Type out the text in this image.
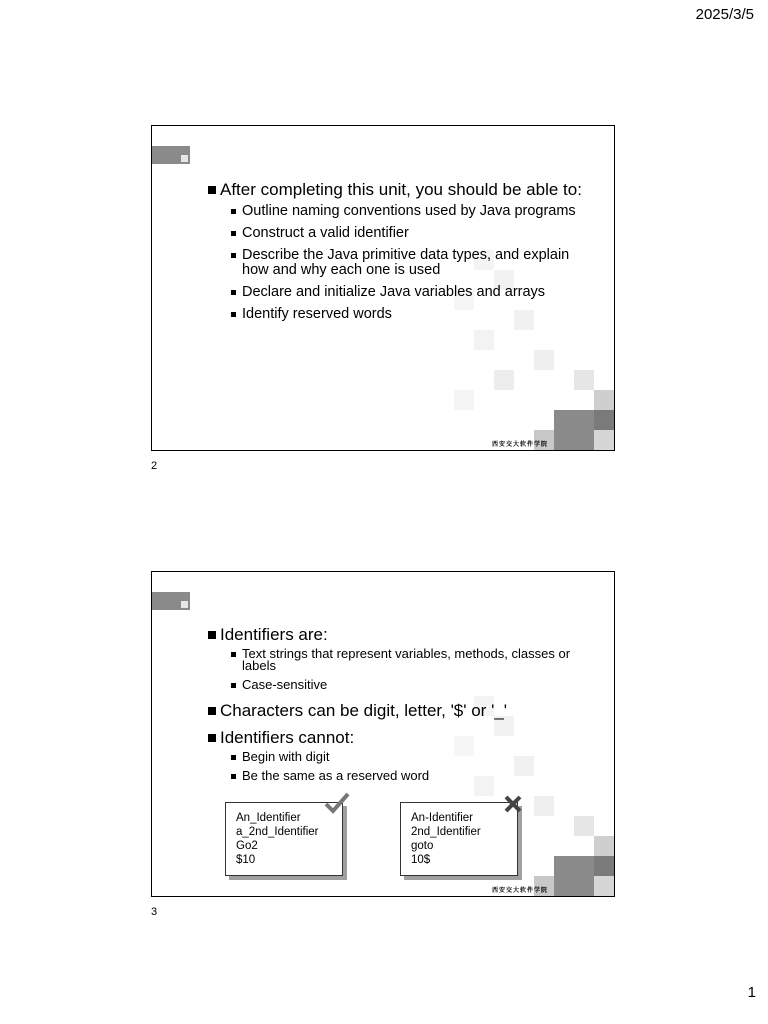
2025/3/5
After completing this unit, you should be able to:
Outline naming conventions used by Java programs
Construct a valid identifier
Describe the Java primitive data types, and explain how and why each one is used
Declare and initialize Java variables and arrays
Identify reserved words
西安交大软件学院
2
Identifiers are:
Text strings that represent variables, methods, classes or labels
Case-sensitive
Characters can be digit, letter, '$' or '_'
Identifiers cannot:
Begin with digit
Be the same as a reserved word
An_Identifier
a_2nd_Identifier
Go2
$10
An-Identifier
2nd_Identifier
goto
10$
西安交大软件学院
3
1
